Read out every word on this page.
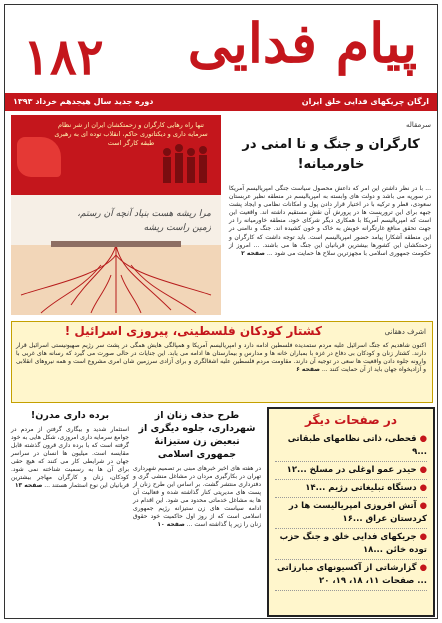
۱۸۲ پیام فدایی
ارگان چریکهای فدایی خلق ایران
دوره جدید سال هیجدهم خرداد ۱۳۹۳
تنها راه رهایی کارگران و زحمتکشان ایران از شر نظام سرمایه داری و دیکتاتوری حاکم، انقلاب توده ای به رهبری طبقه کارگر است
مرا ریشه هست بنیاد آنچه آن رستم، زمین راست ریشه
سرمقاله
کارگران و جنگ و نا امنی در خاورمیانه!
... با در نظر داشتن این امر که داعش محصول سیاست جنگی امپریالیسم آمریکا در سوریه می باشد و دولت های وابسته به امپریالیسم در منطقه نظیر عربستان سعودی، قطر و ترکیه با در اختیار قرار دادن پول و امکانات نظامی و ایجاد پشت جبهه برای این تروریست ها در پرورش آن نقش مستقیم داشته اند. واقعیت این است که امپریالیسم آمریکا با همکاری دیگر شرکای خود، منطقه خاورمیانه را در جهت تحقق منافع غارتگرانه خویش به خاک و خون کشیده اند. جنگ و ناامنی در این منطقه آشکارا پیامد حضور امپریالیسم است. باید توجه داشت که کارگران و زحمتکشان این کشورها بیشترین قربانیان این جنگ ها می باشند. ... امروز از حکومت جمهوری اسلامی با مجهزترین سلاح ها حمایت می شود ... صفحه ۲
اشرف دهقانی
کشتار کودکان فلسطینی، پیروزی اسرائیل !
اکنون شاهدیم که جنگ اسرائیل علیه مردم ستمدیده فلسطین ادامه دارد و امپریالیسم آمریکا و همپالگی هایش همگی در پشت سر رژیم صهیونیستی اسرائیل قرار دارند. کشتار زنان و کودکان بی دفاع در غزه با بمباران خانه ها و مدارس و بیمارستان ها ادامه می یابد. این جنایات در حالی صورت می گیرد که رسانه های غربی با وارونه جلوه دادن واقعیت ها سعی در توجیه آن دارند. مقاومت مردم فلسطین علیه اشغالگری و برای آزادی سرزمین شان امری مشروع است و همه نیروهای انقلابی و آزادیخواه جهان باید از آن حمایت کنند ... صفحه ۶
طرح حذف زنان از شهرداری، جلوه دیگری از تبعیض زن ستیزانهٔ جمهوری اسلامی
در هفته های اخیر خبرهای مبنی بر تصمیم شهرداری تهران در بکارگیری مردان در مشاغل منشی گری و دفترداری منتشر گشت. بر اساس این طرح زنان از پست های مدیریتی کنار گذاشته شده و فعالیت آن ها به مشاغل خدماتی محدود می شود. این اقدام در ادامه سیاست های زن ستیزانه رژیم جمهوری اسلامی است که از روز اول حاکمیت خود حقوق زنان را زیر پا گذاشته است ... صفحه ۱۰
برده داری مدرن!
استثمار شدید و بیگاری گرفتن از مردم در جوامع سرمایه داری امروزی، شکل هایی به خود گرفته است که با برده داری قرون گذشته قابل مقایسه است. میلیون ها انسان در سراسر جهان در شرایطی کار می کنند که هیچ حقی برای آن ها به رسمیت شناخته نمی شود. کودکان، زنان و کارگران مهاجر بیشترین قربانیان این نوع استثمار هستند ... صفحه ۱۳
در صفحات دیگر
●قحطی، ذاتی نظامهای طبقاتی ...۹
●حیدر عمو اوغلی در مسلخ ...۱۲
●دستگاه تبلیغاتی رژیم ...۱۴
●آتش افروزی امپریالیست ها در کردستان عراق ...۱۶
●جریکهای فدایی خلق و جنگ حزب توده خائن ...۱۸
●گزارشاتی از آکسیونهای مبارزاتی ... صفحات ۱۱، ۱۸، ۱۹، ۲۰
